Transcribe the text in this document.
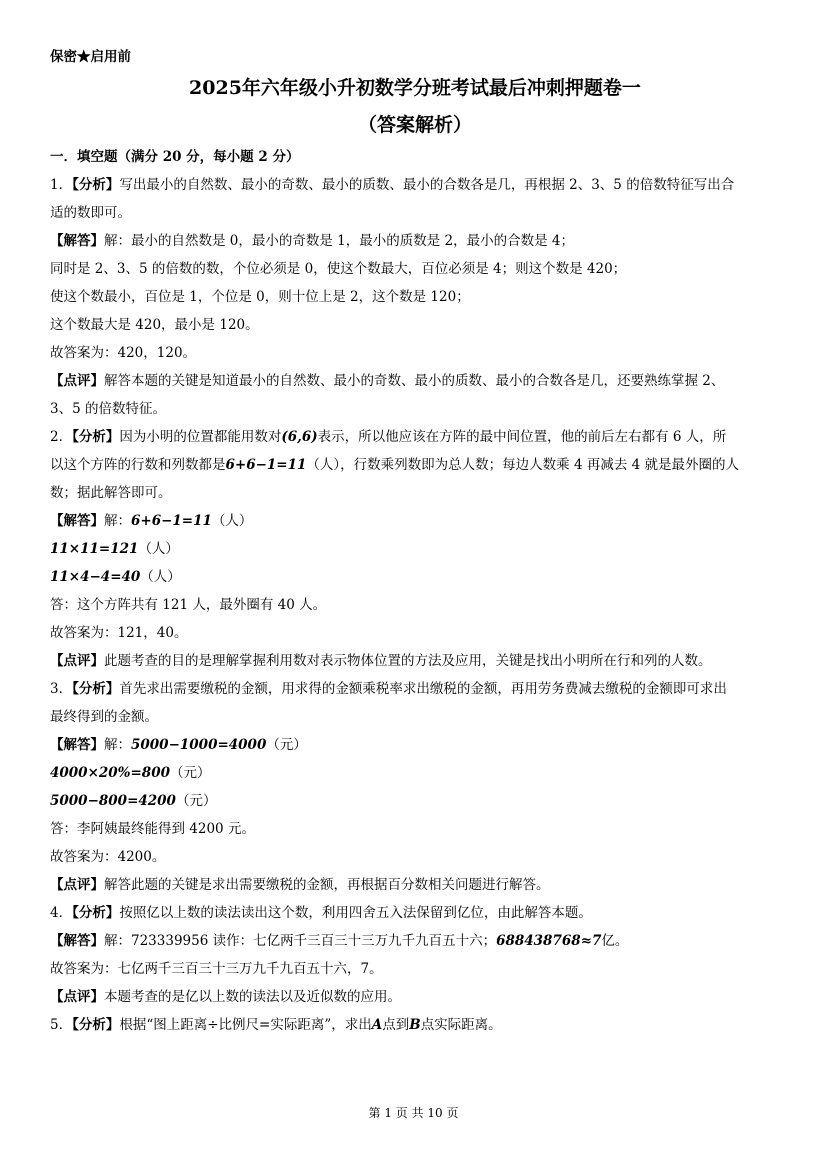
保密★启用前
2025年六年级小升初数学分班考试最后冲刺押题卷一
（答案解析）
一．填空题（满分 20 分，每小题 2 分）
1．【分析】写出最小的自然数、最小的奇数、最小的质数、最小的合数各是几，再根据 2、3、5 的倍数特征写出合
适的数即可。
【解答】解：最小的自然数是 0，最小的奇数是 1，最小的质数是 2，最小的合数是 4；
同时是 2、3、5 的倍数的数，个位必须是 0，使这个数最大，百位必须是 4；则这个数是 420；
使这个数最小，百位是 1，个位是 0，则十位上是 2，这个数是 120；
这个数最大是 420，最小是 120。
故答案为：420，120。
【点评】解答本题的关键是知道最小的自然数、最小的奇数、最小的质数、最小的合数各是几，还要熟练掌握 2、
3、5 的倍数特征。
2．【分析】因为小明的位置都能用数对(6,6)表示，所以他应该在方阵的最中间位置，他的前后左右都有 6 人，所
以这个方阵的行数和列数都是6+6−1=11（人），行数乘列数即为总人数；每边人数乘 4 再减去 4 就是最外圈的人
数；据此解答即可。
【解答】解：6+6−1=11（人）
11×11=121（人）
11×4−4=40（人）
答：这个方阵共有 121 人，最外圈有 40 人。
故答案为：121，40。
【点评】此题考查的目的是理解掌握利用数对表示物体位置的方法及应用，关键是找出小明所在行和列的人数。
3．【分析】首先求出需要缴税的金额，用求得的金额乘税率求出缴税的金额，再用劳务费减去缴税的金额即可求出
最终得到的金额。
【解答】解：5000−1000=4000（元）
4000×20%=800（元）
5000−800=4200（元）
答：李阿姨最终能得到 4200 元。
故答案为：4200。
【点评】解答此题的关键是求出需要缴税的金额，再根据百分数相关问题进行解答。
4．【分析】按照亿以上数的读法读出这个数，利用四舍五入法保留到亿位，由此解答本题。
【解答】解：723339956 读作：七亿两千三百三十三万九千九百五十六；688438768≈7亿。
故答案为：七亿两千三百三十三万九千九百五十六，7。
【点评】本题考查的是亿以上数的读法以及近似数的应用。
5．【分析】根据“图上距离÷比例尺=实际距离”，求出A点到B点实际距离。
第 1 页 共 10 页
